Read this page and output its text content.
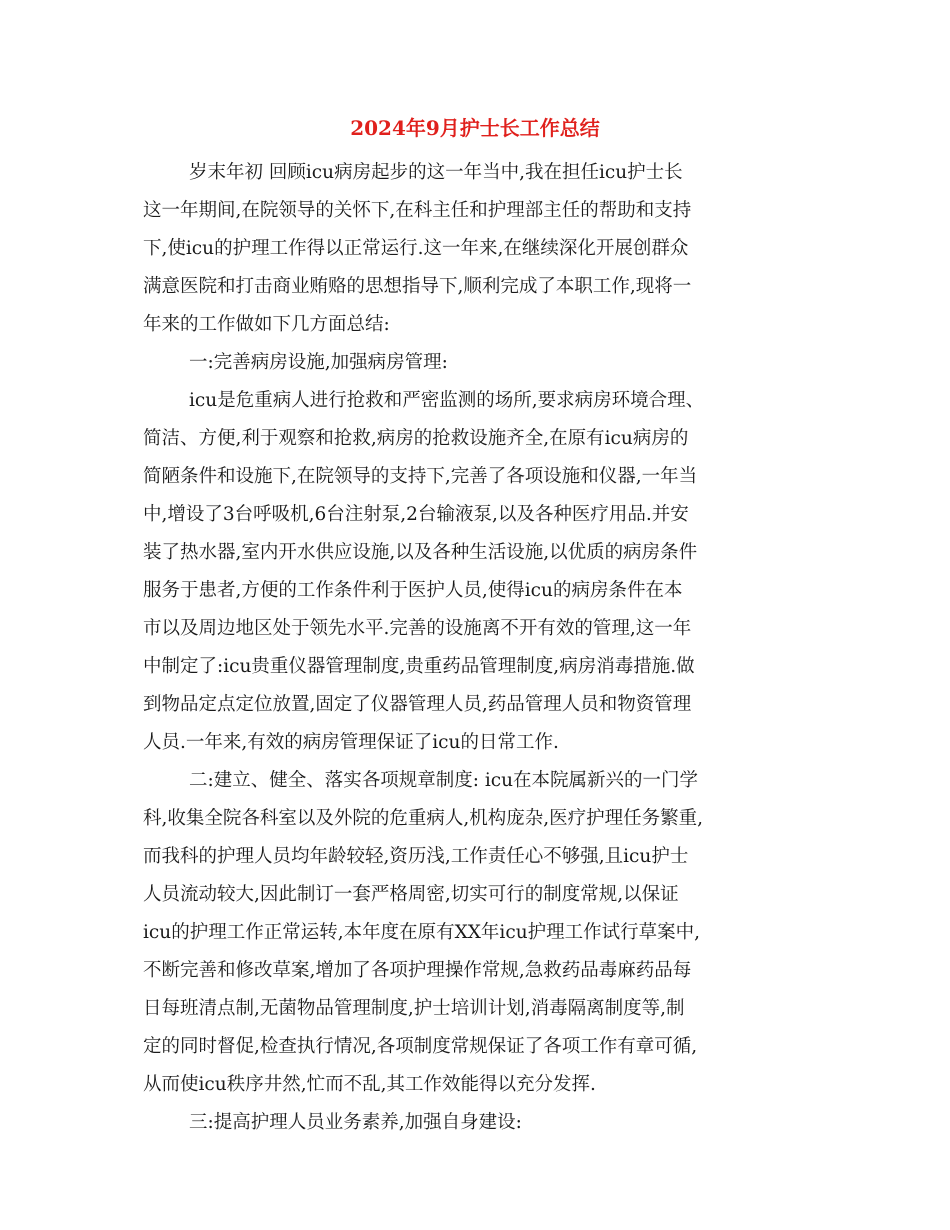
2024年9月护士长工作总结

岁末年初 回顾icu病房起步的这一年当中,我在担任icu护士长

这一年期间,在院领导的关怀下,在科主任和护理部主任的帮助和支持

下,使icu的护理工作得以正常运行.这一年来,在继续深化开展创群众

满意医院和打击商业贿赂的思想指导下,顺利完成了本职工作,现将一

年来的工作做如下几方面总结:

一:完善病房设施,加强病房管理:

icu是危重病人进行抢救和严密监测的场所,要求病房环境合理、

简洁、方便,利于观察和抢救,病房的抢救设施齐全,在原有icu病房的

简陋条件和设施下,在院领导的支持下,完善了各项设施和仪器,一年当

中,增设了3台呼吸机,6台注射泵,2台输液泵,以及各种医疗用品.并安

装了热水器,室内开水供应设施,以及各种生活设施,以优质的病房条件

服务于患者,方便的工作条件利于医护人员,使得icu的病房条件在本

市以及周边地区处于领先水平.完善的设施离不开有效的管理,这一年

中制定了:icu贵重仪器管理制度,贵重药品管理制度,病房消毒措施.做

到物品定点定位放置,固定了仪器管理人员,药品管理人员和物资管理

人员.一年来,有效的病房管理保证了icu的日常工作.

二:建立、健全、落实各项规章制度: icu在本院属新兴的一门学

科,收集全院各科室以及外院的危重病人,机构庞杂,医疗护理任务繁重,

而我科的护理人员均年龄较轻,资历浅,工作责任心不够强,且icu护士

人员流动较大,因此制订一套严格周密,切实可行的制度常规,以保证

icu的护理工作正常运转,本年度在原有XX年icu护理工作试行草案中,

不断完善和修改草案,增加了各项护理操作常规,急救药品毒麻药品每

日每班清点制,无菌物品管理制度,护士培训计划,消毒隔离制度等,制

定的同时督促,检查执行情况,各项制度常规保证了各项工作有章可循,

从而使icu秩序井然,忙而不乱,其工作效能得以充分发挥.

三:提高护理人员业务素养,加强自身建设:
